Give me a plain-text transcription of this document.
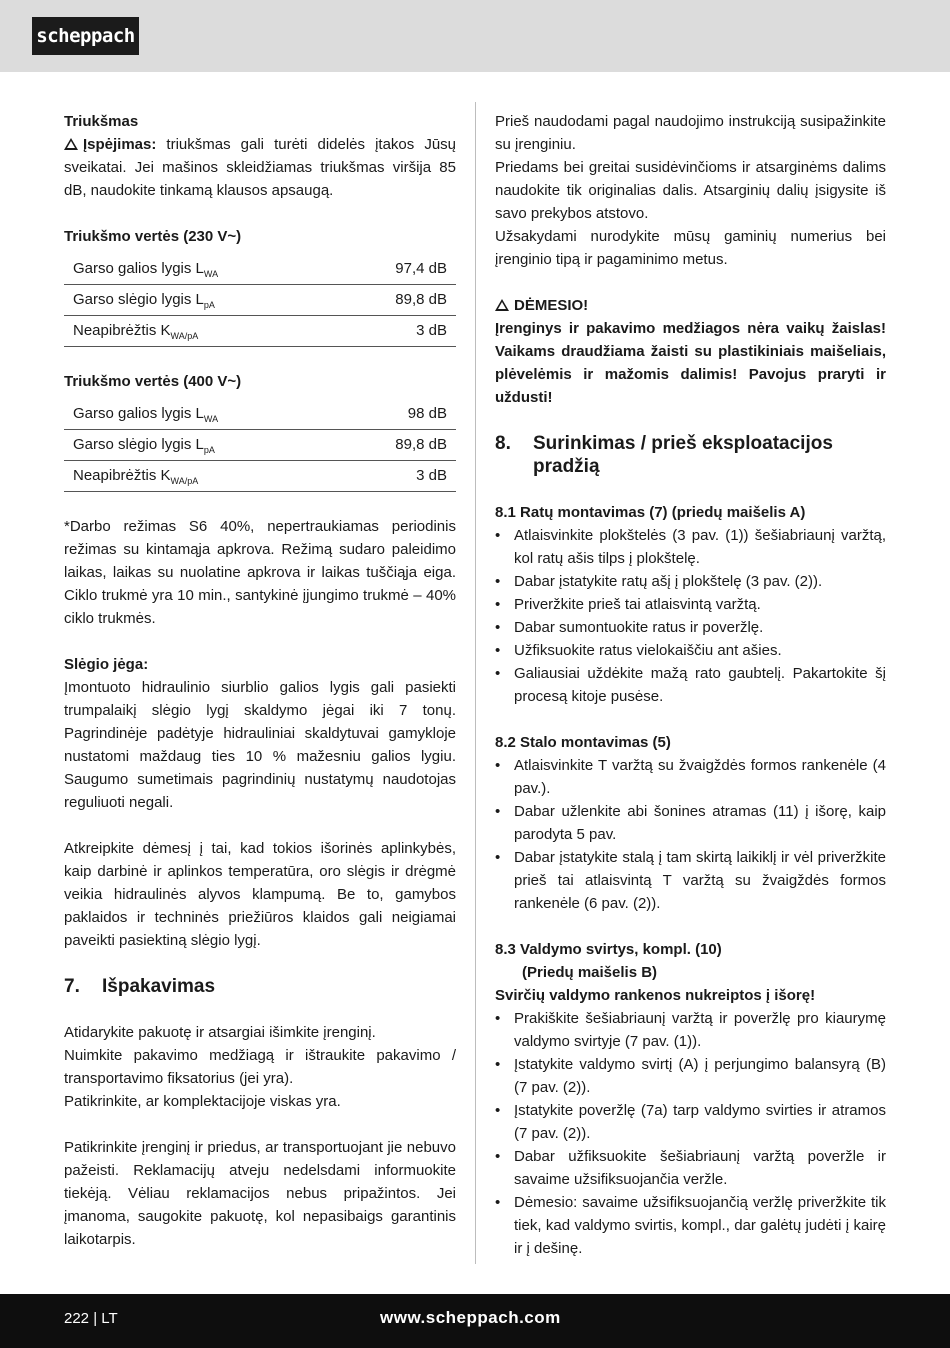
scheppach

Triukšmas

Įspėjimas: triukšmas gali turėti didelės įtakos Jūsų sveikatai. Jei mašinos skleidžiamas triukšmas viršija 85 dB, naudokite tinkamą klausos apsaugą.

Triukšmo vertės (230 V~)

Garso galios lygis $L_{WA}$	97,4 dB
Garso slėgio lygis $L_{pA}$	89,8 dB
Neapibrėžtis $K_{WA/pA}$	3 dB

Triukšmo vertės (400 V~)

Garso galios lygis $L_{WA}$	98 dB
Garso slėgio lygis $L_{pA}$	89,8 dB
Neapibrėžtis $K_{WA/pA}$	3 dB

*Darbo režimas S6 40%, nepertraukiamas periodinis režimas su kintamąja apkrova. Režimą sudaro paleidimo laikas, laikas su nuolatine apkrova ir laikas tuščiąja eiga. Ciklo trukmė yra 10 min., santykinė įjungimo trukmė – 40% ciklo trukmės.

Slėgio jėga:

Įmontuoto hidraulinio siurblio galios lygis gali pasiekti trumpalaikį slėgio lygį skaldymo jėgai iki 7 tonų. Pagrindinėje padėtyje hidrauliniai skaldytuvai gamykloje nustatomi maždaug ties 10 % mažesniu galios lygiu. Saugumo sumetimais pagrindinių nustatymų naudotojas reguliuoti negali.

Atkreipkite dėmesį į tai, kad tokios išorinės aplinkybės, kaip darbinė ir aplinkos temperatūra, oro slėgis ir drėgmė veikia hidraulinės alyvos klampumą. Be to, gamybos paklaidos ir techninės priežiūros klaidos gali neigiamai paveikti pasiektiną slėgio lygį.

7.	Išpakavimas

Atidarykite pakuotę ir atsargiai išimkite įrenginį.

Nuimkite pakavimo medžiagą ir ištraukite pakavimo / transportavimo fiksatorius (jei yra).

Patikrinkite, ar komplektacijoje viskas yra.

Patikrinkite įrenginį ir priedus, ar transportuojant jie nebuvo pažeisti. Reklamacijų atveju nedelsdami informuokite tiekėją. Vėliau reklamacijos nebus pripažintos. Jei įmanoma, saugokite pakuotę, kol nepasibaigs garantinis laikotarpis.

Prieš naudodami pagal naudojimo instrukciją susipažinkite su įrenginiu.

Priedams bei greitai susidėvinčioms ir atsarginėms dalims naudokite tik originalias dalis. Atsarginių dalių įsigysite iš savo prekybos atstovo.

Užsakydami nurodykite mūsų gaminių numerius bei įrenginio tipą ir pagaminimo metus.

DĖMESIO!

Įrenginys ir pakavimo medžiagos nėra vaikų žaislas! Vaikams draudžiama žaisti su plastikiniais maišeliais, plėvelėmis ir mažomis dalimis! Pavojus praryti ir uždusti!

8.	Surinkimas / prieš eksploatacijos pradžią

8.1 Ratų montavimas (7) (priedų maišelis A)

• Atlaisvinkite plokštelės (3 pav. (1)) šešiabriaunį varžtą, kol ratų ašis tilps į plokštelę.
• Dabar įstatykite ratų ašį į plokštelę (3 pav. (2)).
• Priveržkite prieš tai atlaisvintą varžtą.
• Dabar sumontuokite ratus ir poveržlę.
• Užfiksuokite ratus vielokaiščiu ant ašies.
• Galiausiai uždėkite mažą rato gaubtelį. Pakartokite šį procesą kitoje pusėse.

8.2 Stalo montavimas (5)

• Atlaisvinkite T varžtą su žvaigždės formos rankenėle (4 pav.).
• Dabar užlenkite abi šonines atramas (11) į išorę, kaip parodyta 5 pav.
• Dabar įstatykite stalą į tam skirtą laikiklį ir vėl priveržkite prieš tai atlaisvintą T varžtą su žvaigždės formos rankenėle (6 pav. (2)).

8.3 Valdymo svirtys, kompl. (10)

(Priedų maišelis B)

Svirčių valdymo rankenos nukreiptos į išorę!

• Prakiškite šešiabriaunį varžtą ir poveržlę pro kiaurymę valdymo svirtyje (7 pav. (1)).
• Įstatykite valdymo svirtį (A) į perjungimo balansyrą (B) (7 pav. (2)).
• Įstatykite poveržlę (7a) tarp valdymo svirties ir atramos (7 pav. (2)).
• Dabar užfiksuokite šešiabriaunį varžtą poveržle ir savaime užsifiksuojančia veržle.
• Dėmesio: savaime užsifiksuojančią veržlę priveržkite tik tiek, kad valdymo svirtis, kompl., dar galėtų judėti į kairę ir į dešinę.
222 | LT	www.scheppach.com
